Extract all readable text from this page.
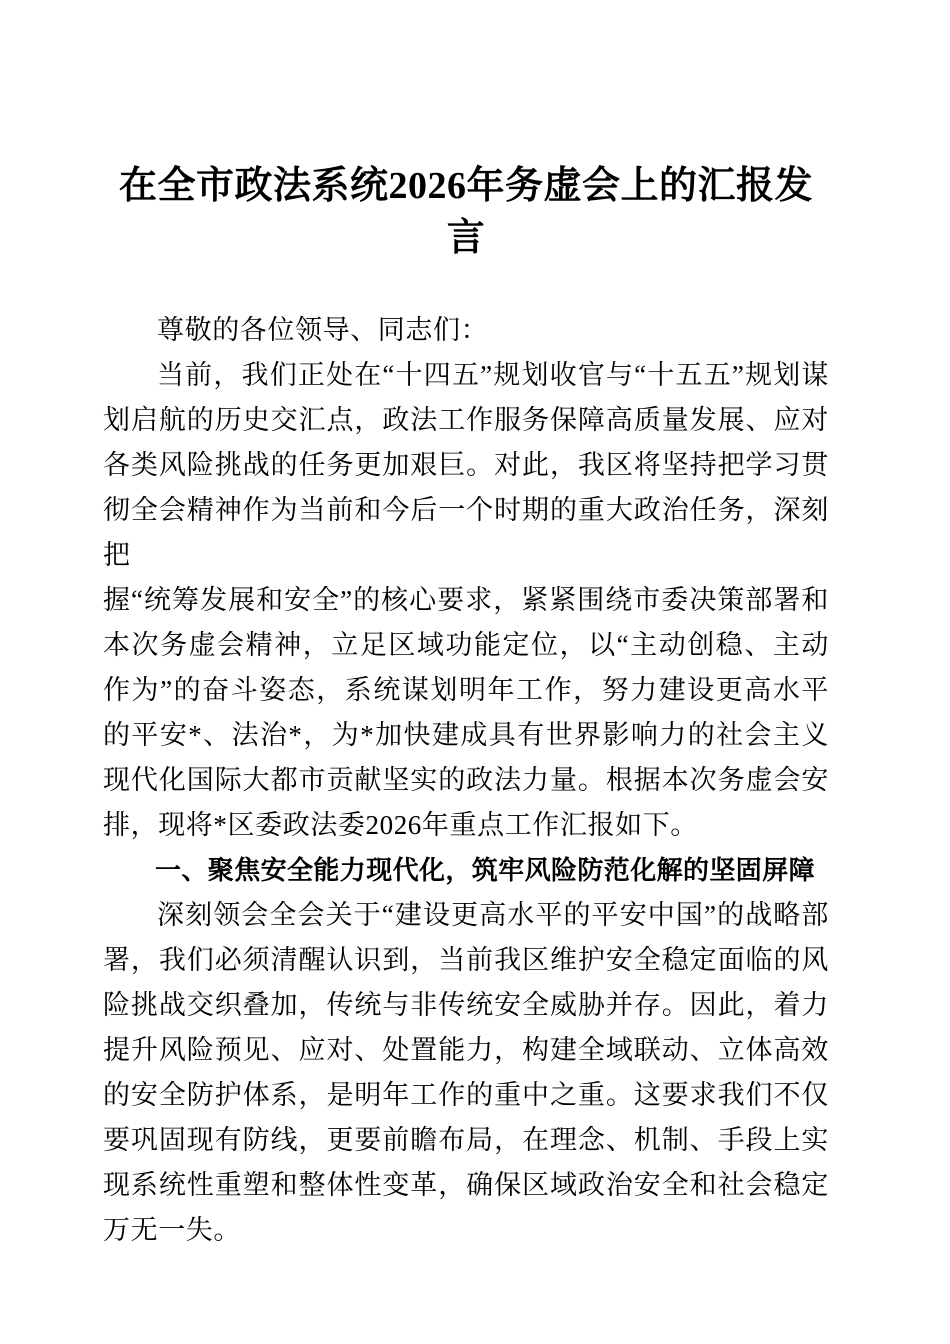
在全市政法系统2026年务虚会上的汇报发言

尊敬的各位领导、同志们：

当前，我们正处在“十四五”规划收官与“十五五”规划谋划启航的历史交汇点，政法工作服务保障高质量发展、应对各类风险挑战的任务更加艰巨。对此，我区将坚持把学习贯彻全会精神作为当前和今后一个时期的重大政治任务，深刻把

握“统筹发展和安全”的核心要求，紧紧围绕市委决策部署和本次务虚会精神，立足区域功能定位，以“主动创稳、主动作为”的奋斗姿态，系统谋划明年工作，努力建设更高水平的平安*、法治*，为*加快建成具有世界影响力的社会主义现代化国际大都市贡献坚实的政法力量。根据本次务虚会安排，现将*区委政法委2026年重点工作汇报如下。

一、聚焦安全能力现代化，筑牢风险防范化解的坚固屏障

深刻领会全会关于“建设更高水平的平安中国”的战略部署，我们必须清醒认识到，当前我区维护安全稳定面临的风险挑战交织叠加，传统与非传统安全威胁并存。因此，着力提升风险预见、应对、处置能力，构建全域联动、立体高效的安全防护体系，是明年工作的重中之重。这要求我们不仅要巩固现有防线，更要前瞻布局，在理念、机制、手段上实现系统性重塑和整体性变革，确保区域政治安全和社会稳定万无一失。
